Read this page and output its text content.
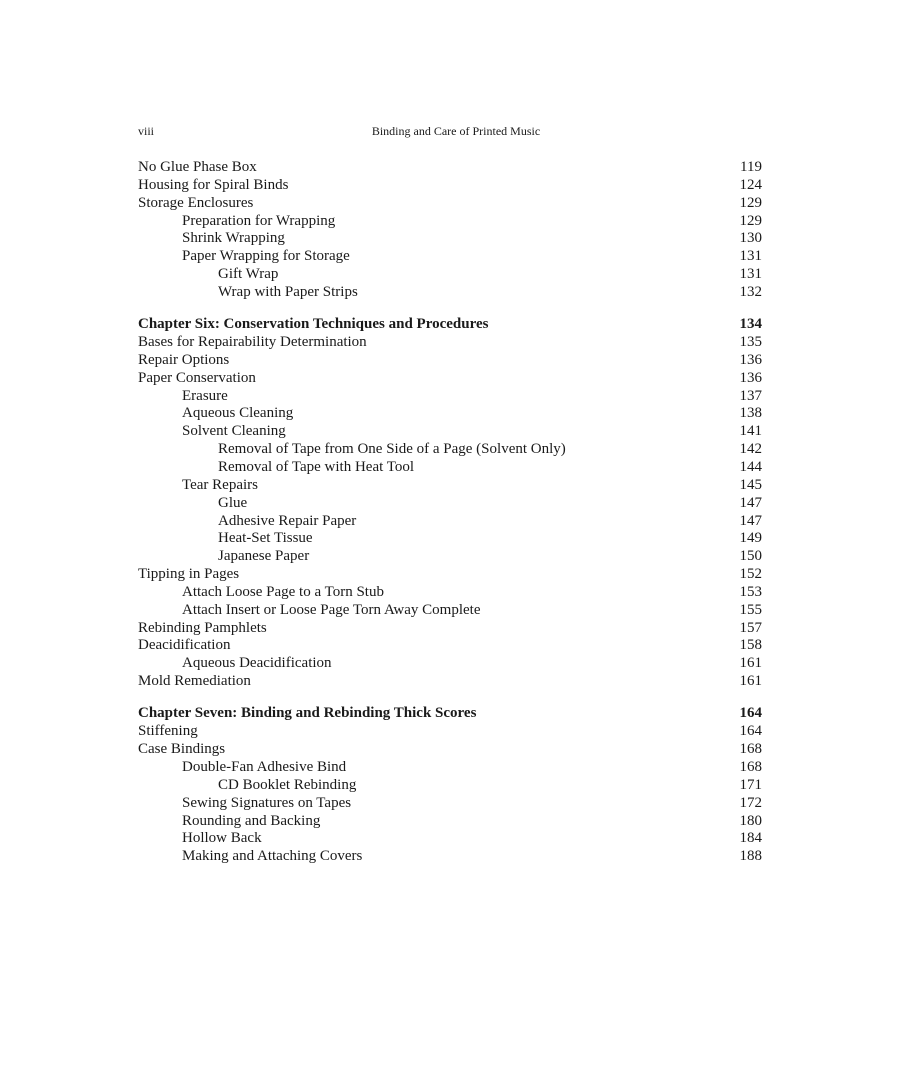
viii	Binding and Care of Printed Music
No Glue Phase Box	119
Housing for Spiral Binds	124
Storage Enclosures	129
Preparation for Wrapping	129
Shrink Wrapping	130
Paper Wrapping for Storage	131
Gift Wrap	131
Wrap with Paper Strips	132
Chapter Six: Conservation Techniques and Procedures	134
Bases for Repairability Determination	135
Repair Options	136
Paper Conservation	136
Erasure	137
Aqueous Cleaning	138
Solvent Cleaning	141
Removal of Tape from One Side of a Page (Solvent Only)	142
Removal of Tape with Heat Tool	144
Tear Repairs	145
Glue	147
Adhesive Repair Paper	147
Heat-Set Tissue	149
Japanese Paper	150
Tipping in Pages	152
Attach Loose Page to a Torn Stub	153
Attach Insert or Loose Page Torn Away Complete	155
Rebinding Pamphlets	157
Deacidification	158
Aqueous Deacidification	161
Mold Remediation	161
Chapter Seven: Binding and Rebinding Thick Scores	164
Stiffening	164
Case Bindings	168
Double-Fan Adhesive Bind	168
CD Booklet Rebinding	171
Sewing Signatures on Tapes	172
Rounding and Backing	180
Hollow Back	184
Making and Attaching Covers	188
